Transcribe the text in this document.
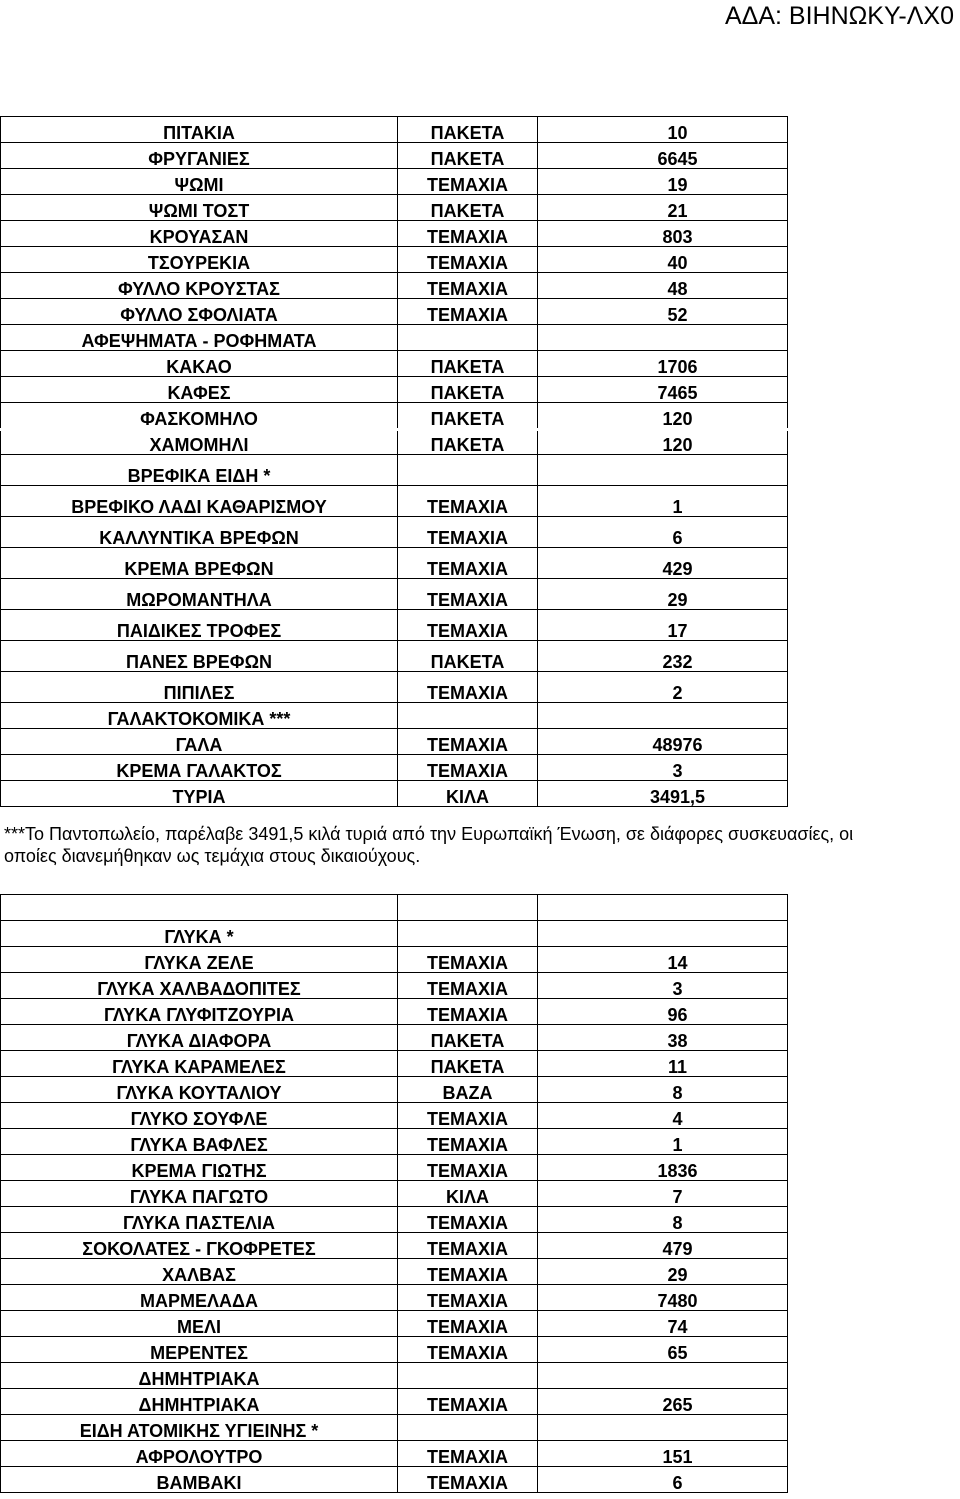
ΑΔΑ: ΒΙΗΝΩΚΥ-ΛΧ0
ΠΙΤΑΚΙΑ	ΠΑΚΕΤΑ	10
ΦΡΥΓΑΝΙΕΣ	ΠΑΚΕΤΑ	6645
ΨΩΜΙ	ΤΕΜΑΧΙΑ	19
ΨΩΜΙ ΤΟΣΤ	ΠΑΚΕΤΑ	21
ΚΡΟΥΑΣΑΝ	ΤΕΜΑΧΙΑ	803
ΤΣΟΥΡΕΚΙΑ	ΤΕΜΑΧΙΑ	40
ΦΥΛΛΟ ΚΡΟΥΣΤΑΣ	ΤΕΜΑΧΙΑ	48
ΦΥΛΛΟ ΣΦΟΛΙΑΤΑ	ΤΕΜΑΧΙΑ	52
ΑΦΕΨΗΜΑΤΑ - ΡΟΦΗΜΑΤΑ		
ΚΑΚΑΟ	ΠΑΚΕΤΑ	1706
ΚΑΦΕΣ	ΠΑΚΕΤΑ	7465
ΦΑΣΚΟΜΗΛΟ	ΠΑΚΕΤΑ	120
ΧΑΜΟΜΗΛΙ	ΠΑΚΕΤΑ	120
ΒΡΕΦΙΚΑ ΕΙΔΗ *		
ΒΡΕΦΙΚΟ ΛΑΔΙ ΚΑΘΑΡΙΣΜΟΥ	ΤΕΜΑΧΙΑ	1
ΚΑΛΛΥΝΤΙΚΑ ΒΡΕΦΩΝ	ΤΕΜΑΧΙΑ	6
ΚΡΕΜΑ ΒΡΕΦΩΝ	ΤΕΜΑΧΙΑ	429
ΜΩΡΟΜΑΝΤΗΛΑ	ΤΕΜΑΧΙΑ	29
ΠΑΙΔΙΚΕΣ ΤΡΟΦΕΣ	ΤΕΜΑΧΙΑ	17
ΠΑΝΕΣ ΒΡΕΦΩΝ	ΠΑΚΕΤΑ	232
ΠΙΠΙΛΕΣ	ΤΕΜΑΧΙΑ	2
ΓΑΛΑΚΤΟΚΟΜΙΚΑ ***		
ΓΑΛΑ	ΤΕΜΑΧΙΑ	48976
ΚΡΕΜΑ ΓΑΛΑΚΤΟΣ	ΤΕΜΑΧΙΑ	3
ΤΥΡΙΑ	ΚΙΛΑ	3491,5
***Το Παντοπωλείο, παρέλαβε 3491,5 κιλά τυριά από την Ευρωπαϊκή Ένωση, σε διάφορες συσκευασίες, οι οποίες διανεμήθηκαν ως τεμάχια στους δικαιούχους.

ΓΛΥΚΑ *		
ΓΛΥΚΑ ΖΕΛΕ	ΤΕΜΑΧΙΑ	14
ΓΛΥΚΑ ΧΑΛΒΑΔΟΠΙΤΕΣ	ΤΕΜΑΧΙΑ	3
ΓΛΥΚΑ ΓΛΥΦΙΤΖΟΥΡΙΑ	ΤΕΜΑΧΙΑ	96
ΓΛΥΚΑ ΔΙΑΦΟΡΑ	ΠΑΚΕΤΑ	38
ΓΛΥΚΑ ΚΑΡΑΜΕΛΕΣ	ΠΑΚΕΤΑ	11
ΓΛΥΚΑ ΚΟΥΤΑΛΙΟΥ	ΒΑΖΑ	8
ΓΛΥΚΟ ΣΟΥΦΛΕ	ΤΕΜΑΧΙΑ	4
ΓΛΥΚΑ ΒΑΦΛΕΣ	ΤΕΜΑΧΙΑ	1
ΚΡΕΜΑ ΓΙΩΤΗΣ	ΤΕΜΑΧΙΑ	1836
ΓΛΥΚΑ ΠΑΓΩΤΟ	ΚΙΛΑ	7
ΓΛΥΚΑ ΠΑΣΤΕΛΙΑ	ΤΕΜΑΧΙΑ	8
ΣΟΚΟΛΑΤΕΣ - ΓΚΟΦΡΕΤΕΣ	ΤΕΜΑΧΙΑ	479
ΧΑΛΒΑΣ	ΤΕΜΑΧΙΑ	29
ΜΑΡΜΕΛΑΔΑ	ΤΕΜΑΧΙΑ	7480
ΜΕΛΙ	ΤΕΜΑΧΙΑ	74
ΜΕΡΕΝΤΕΣ	ΤΕΜΑΧΙΑ	65
ΔΗΜΗΤΡΙΑΚΑ		
ΔΗΜΗΤΡΙΑΚΑ	ΤΕΜΑΧΙΑ	265
ΕΙΔΗ ΑΤΟΜΙΚΗΣ ΥΓΙΕΙΝΗΣ *		
ΑΦΡΟΛΟΥΤΡΟ	ΤΕΜΑΧΙΑ	151
ΒΑΜΒΑΚΙ	ΤΕΜΑΧΙΑ	6
